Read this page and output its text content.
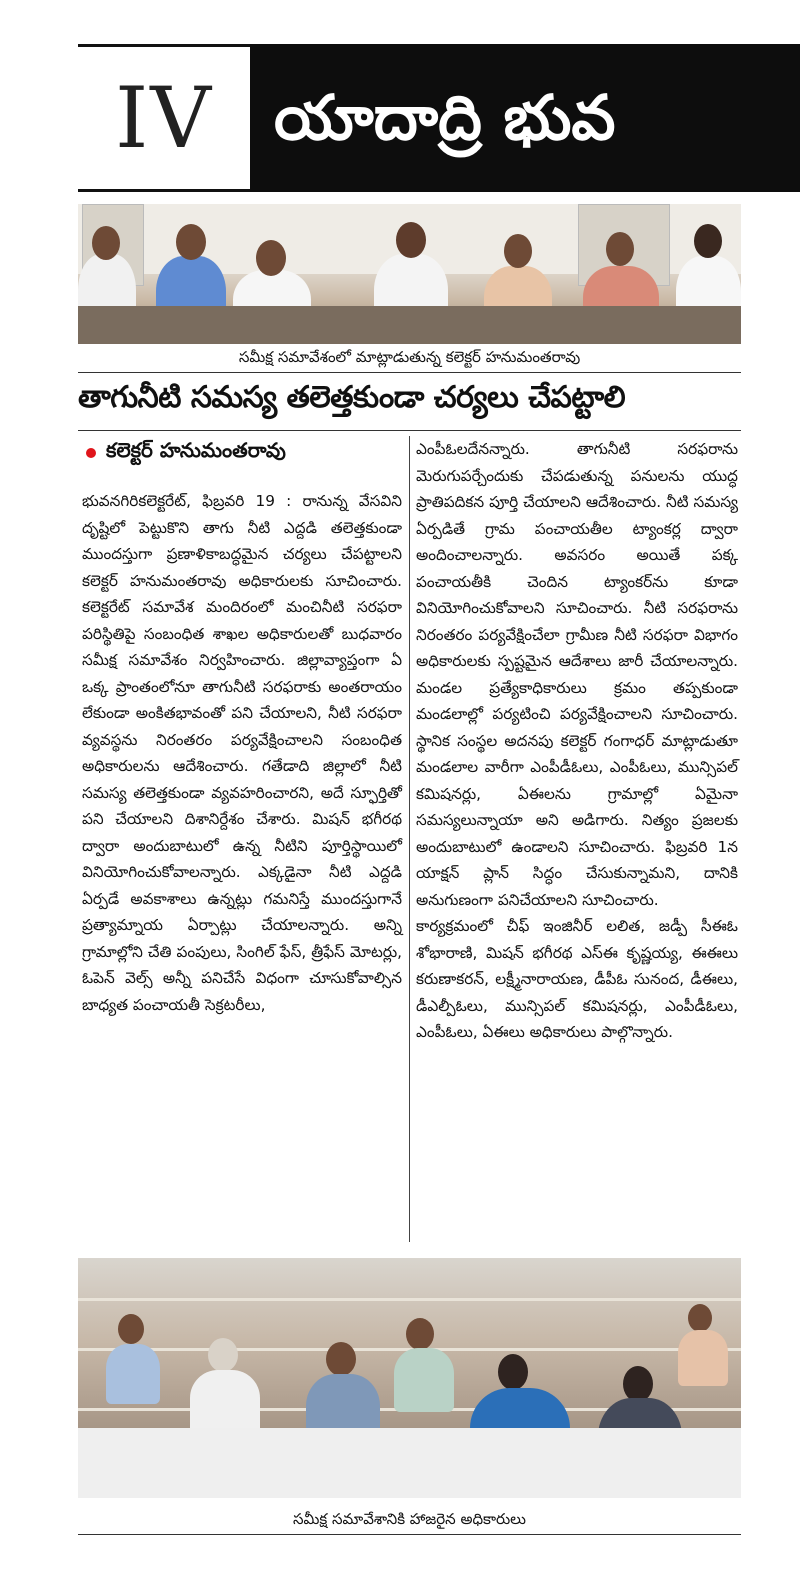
IV యాదాద్రి భువ
సమీక్ష సమావేశంలో మాట్లాడుతున్న కలెక్టర్ హనుమంతరావు
తాగునీటి సమస్య తలెత్తకుండా చర్యలు చేపట్టాలి
కలెక్టర్ హనుమంతరావు

భువనగిరికలెక్టరేట్, ఫిబ్రవరి 19 : రానున్న వేసవిని దృష్టిలో పెట్టుకొని తాగు నీటి ఎద్దడి తలెత్తకుండా ముందస్తుగా ప్రణాళికాబద్ధమైన చర్యలు చేపట్టాలని కలెక్టర్ హనుమంతరావు అధికారులకు సూచించారు. కలెక్టరేట్ సమావేశ మందిరంలో మంచినీటి సరఫరా పరిస్థితిపై సంబంధిత శాఖల అధికారులతో బుధవారం సమీక్ష సమావేశం నిర్వహించారు. జిల్లావ్యాప్తంగా ఏ ఒక్క ప్రాంతంలోనూ తాగునీటి సరఫరాకు అంతరాయం లేకుండా అంకితభావంతో పని చేయాలని, నీటి సరఫరా వ్యవస్థను నిరంతరం పర్యవేక్షించాలని సంబంధిత అధికారులను ఆదేశించారు. గతేడాది జిల్లాలో నీటి సమస్య తలెత్తకుండా వ్యవహరించారని, అదే స్ఫూర్తితో పని చేయాలని దిశానిర్దేశం చేశారు. మిషన్ భగీరథ ద్వారా అందుబాటులో ఉన్న నీటిని పూర్తిస్థాయిలో వినియోగించుకోవాలన్నారు. ఎక్కడైనా నీటి ఎద్దడి ఏర్పడే అవకాశాలు ఉన్నట్లు గమనిస్తే ముందస్తుగానే ప్రత్యామ్నాయ ఏర్పాట్లు చేయాలన్నారు. అన్ని గ్రామాల్లోని చేతి పంపులు, సింగిల్ ఫేస్, త్రీఫేస్ మోటర్లు, ఓపెన్ వెల్స్ అన్నీ పనిచేసే విధంగా చూసుకోవాల్సిన బాధ్యత పంచాయతీ సెక్రటరీలు,

ఎంపీఓలదేనన్నారు. తాగునీటి సరఫరాను మెరుగుపర్చేందుకు చేపడుతున్న పనులను యుద్ధ ప్రాతిపదికన పూర్తి చేయాలని ఆదేశించారు. నీటి సమస్య ఏర్పడితే గ్రామ పంచాయతీల ట్యాంకర్ల ద్వారా అందించాలన్నారు. అవసరం అయితే పక్క పంచాయతీకి చెందిన ట్యాంకర్‌ను కూడా వినియోగించుకోవాలని సూచించారు. నీటి సరఫరాను నిరంతరం పర్యవేక్షించేలా గ్రామీణ నీటి సరఫరా విభాగం అధికారులకు స్పష్టమైన ఆదేశాలు జారీ చేయాలన్నారు. మండల ప్రత్యేకాధికారులు క్రమం తప్పకుండా మండలాల్లో పర్యటించి పర్యవేక్షించాలని సూచించారు. స్థానిక సంస్థల అదనపు కలెక్టర్ గంగాధర్ మాట్లాడుతూ మండలాల వారీగా ఎంపీడీఓలు, ఎంపీఓలు, మున్సిపల్ కమిషనర్లు, ఏఈలను గ్రామాల్లో ఏమైనా సమస్యలున్నాయా అని అడిగారు. నిత్యం ప్రజలకు అందుబాటులో ఉండాలని సూచించారు. ఫిబ్రవరి 1న యాక్షన్ ప్లాన్ సిద్ధం చేసుకున్నామని, దానికి అనుగుణంగా పనిచేయాలని సూచించారు.

కార్యక్రమంలో చీఫ్ ఇంజినీర్ లలిత, జడ్పీ సీఈఓ శోభారాణి, మిషన్ భగీరథ ఎస్ఈ కృష్ణయ్య, ఈఈలు కరుణాకరన్, లక్ష్మీనారాయణ, డీపీఓ సునంద, డీఈలు, డీఎల్పీఓలు, మున్సిపల్ కమిషనర్లు, ఎంపీడీఓలు, ఎంపీఓలు, ఏఈలు అధికారులు పాల్గొన్నారు.

సమీక్ష సమావేశానికి హాజరైన అధికారులు
